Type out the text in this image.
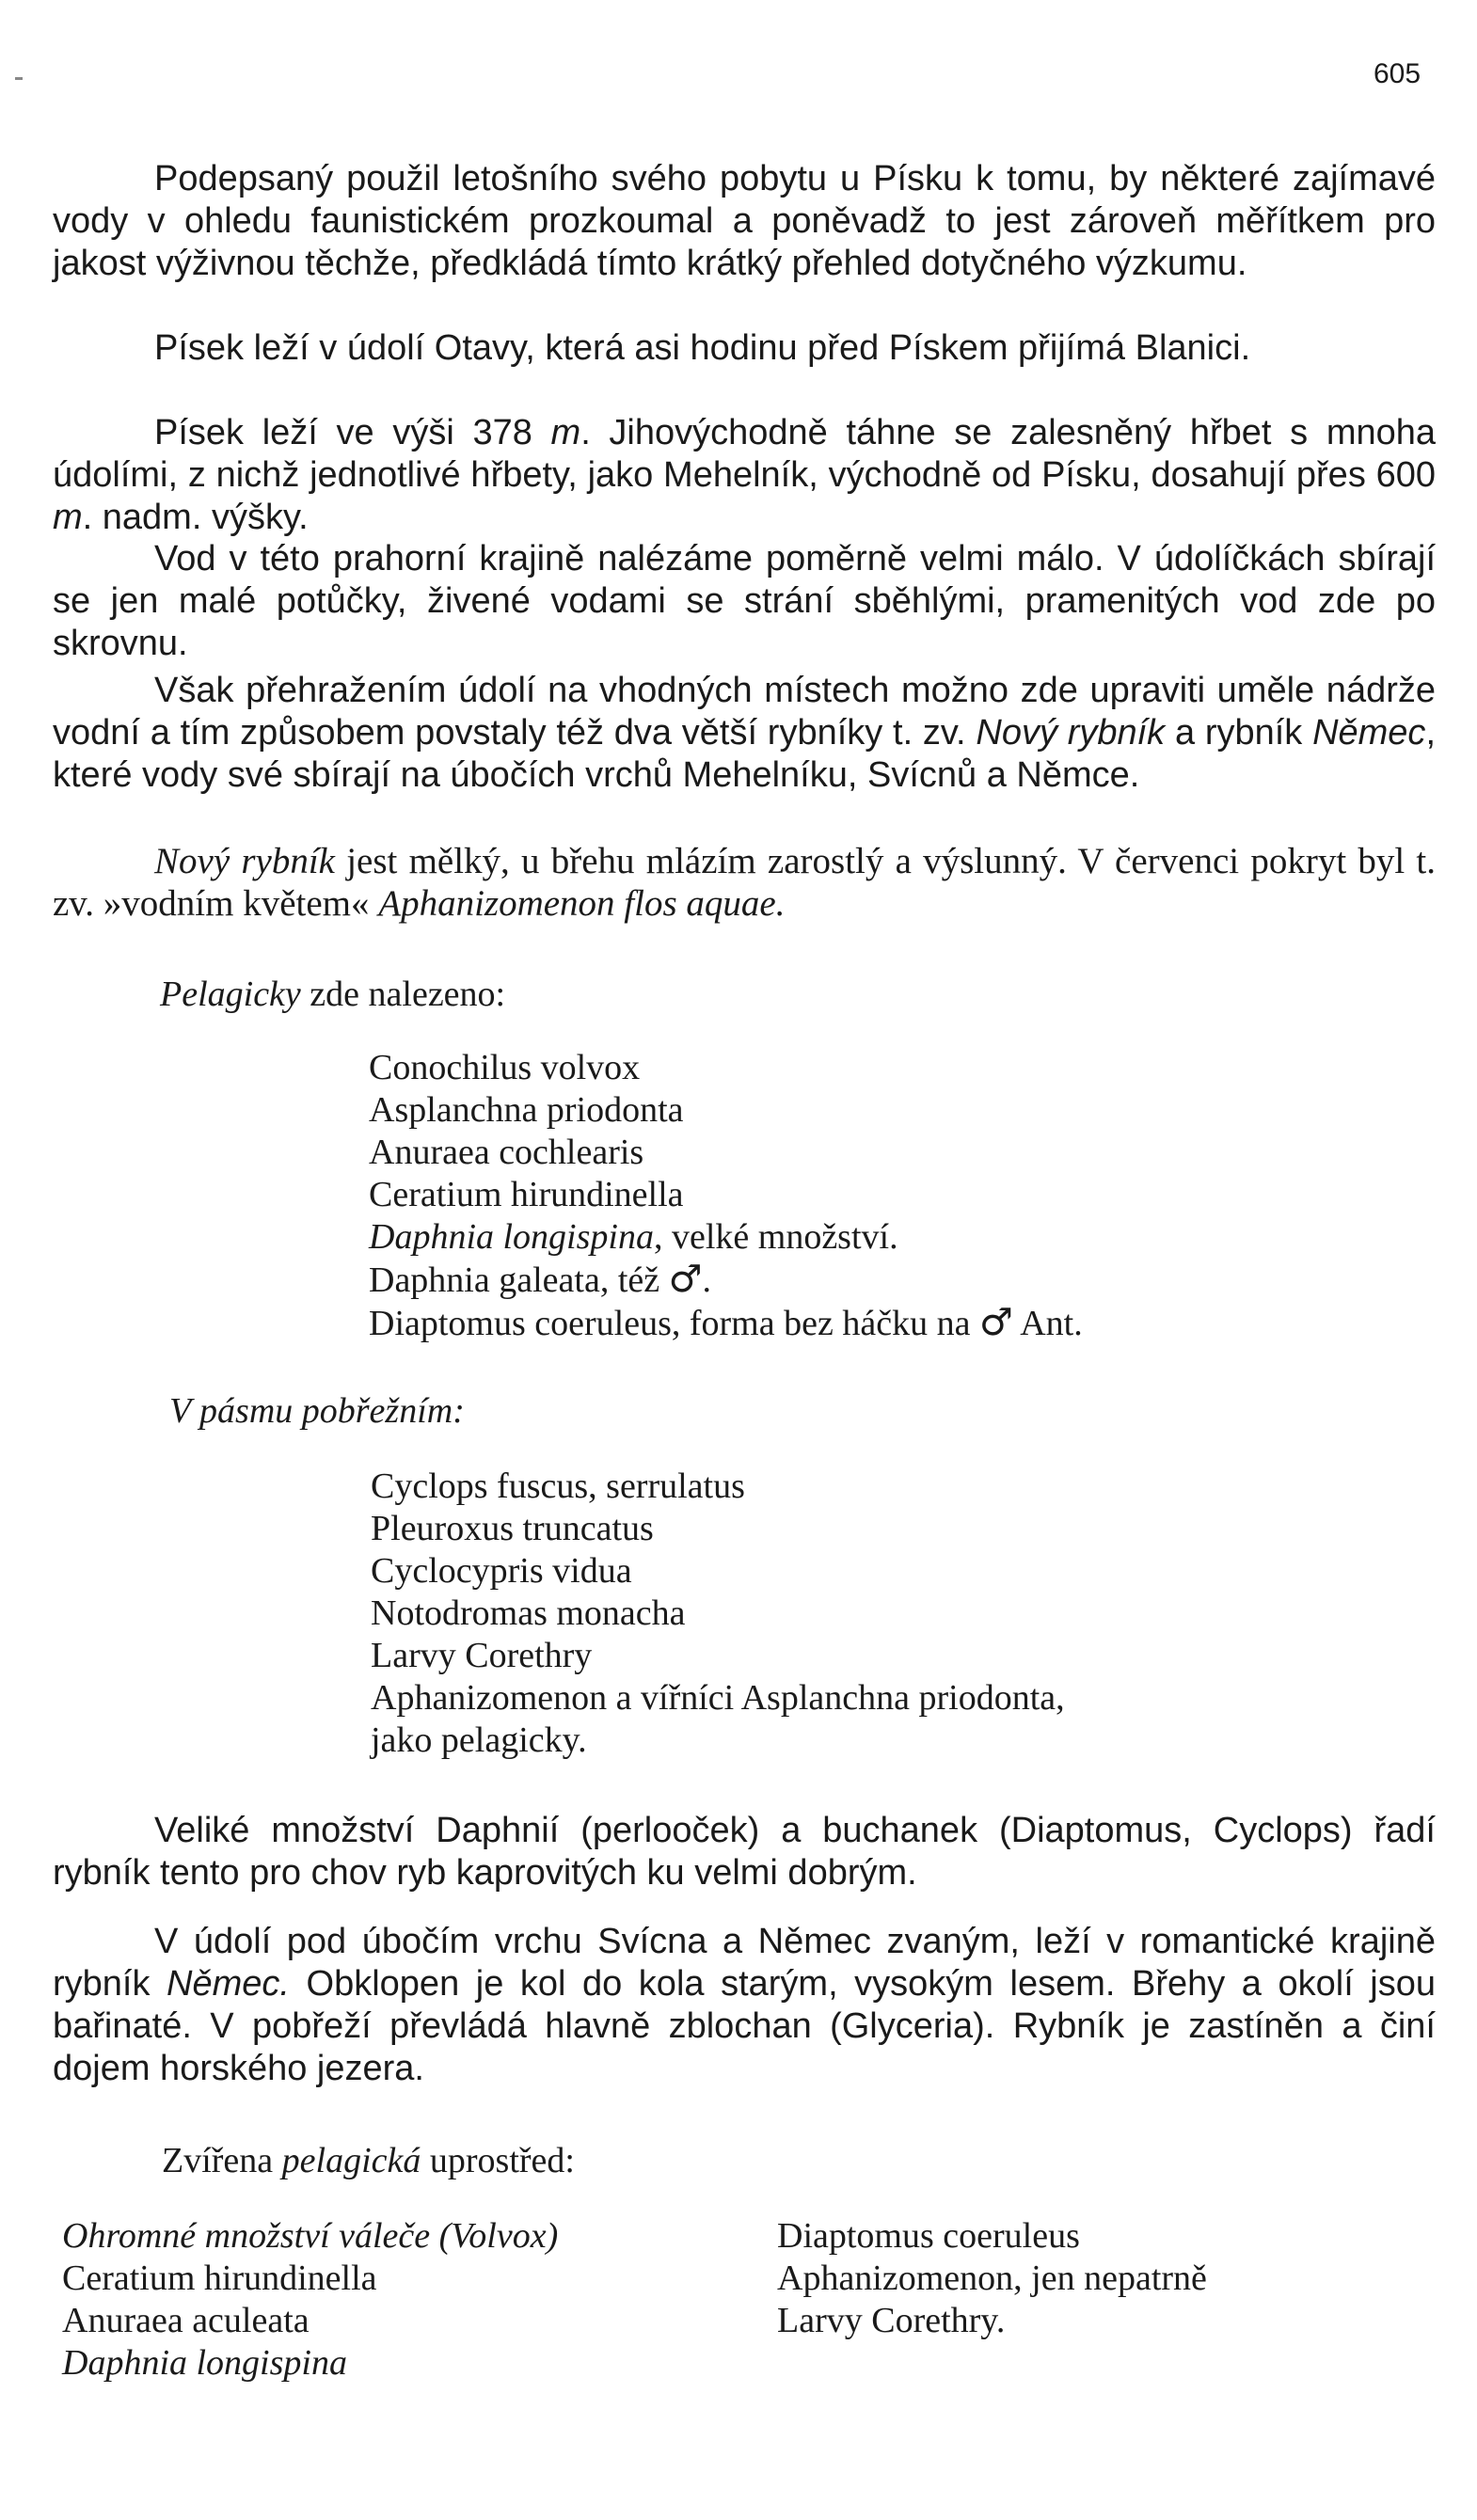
605

Podepsaný použil letošního svého pobytu u Písku k tomu, by některé zajímavé vody v ohledu faunistickém prozkoumal a poněvadž to jest zároveň měřítkem pro jakost výživnou těchže, předkládá tímto krátký přehled dotyčného výzkumu.

Písek leží v údolí Otavy, která asi hodinu před Pískem přijímá Blanici.

Písek leží ve výši 378 m. Jihovýchodně táhne se zalesněný hřbet s mnoha údolími, z nichž jednotlivé hřbety, jako Mehelník, východně od Písku, dosahují přes 600 m. nadm. výšky.

Vod v této prahorní krajině nalézáme poměrně velmi málo. V údolíčkách sbírají se jen malé potůčky, živené vodami se strání sběhlými, pramenitých vod zde po skrovnu.

Však přehražením údolí na vhodných místech možno zde upraviti uměle nádrže vodní a tím způsobem povstaly též dva větší rybníky t. zv. Nový rybník a rybník Němec, které vody své sbírají na úbočích vrchů Mehelníku, Svícnů a Němce.

Nový rybník jest mělký, u břehu mlázím zarostlý a výslunný. V červenci pokryt byl t. zv. »vodním květem« Aphanizomenon flos aquae.

Pelagicky zde nalezeno:
Conochilus volvox
Asplanchna priodonta
Anuraea cochlearis
Ceratium hirundinella
Daphnia longispina, velké množství.
Daphnia galeata, též ♂.
Diaptomus coeruleus, forma bez háčku na ♂ Ant.
V pásmu pobřežním:
Cyclops fuscus, serrulatus
Pleuroxus truncatus
Cyclocypris vidua
Notodromas monacha
Larvy Corethry
Aphanizomenon a vířníci Asplanchna priodonta,
jako pelagicky.

Veliké množství Daphnií (perlooček) a buchanek (Diaptomus, Cyclops) řadí rybník tento pro chov ryb kaprovitých ku velmi dobrým.

V údolí pod úbočím vrchu Svícna a Němec zvaným, leží v romantické krajině rybník Němec. Obklopen je kol do kola starým, vysokým lesem. Břehy a okolí jsou bařinaté. V pobřeží převládá hlavně zblochan (Glyceria). Rybník je zastíněn a činí dojem horského jezera.

Zvířena pelagická uprostřed:
Ohromné množství váleče (Volvox)
Ceratium hirundinella
Anuraea aculeata
Daphnia longispina
Diaptomus coeruleus
Aphanizomenon, jen nepatrně
Larvy Corethry.
